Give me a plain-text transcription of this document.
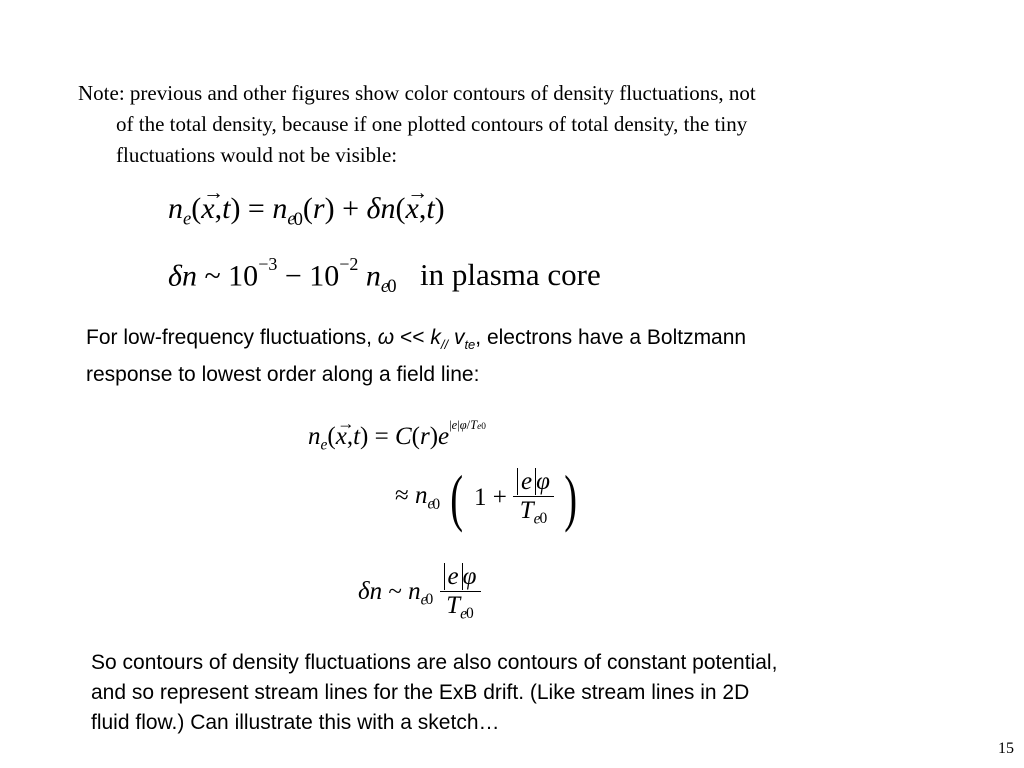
Note: previous and other figures show color contours of density fluctuations, not
of the total density, because if one plotted contours of total density, the tiny
fluctuations would not be visible:
$n_e(\to x,t) = n_{e0}(r) + \delta n(\to x,t)$
δn ~ $10^{-3} - 10^{-2}$ $n_{e0}$ in plasma core
For low-frequency fluctuations, $\omega << k_{//}$ $v_{te}$, electrons have a Boltzmann
response to lowest order along a field line:
$n_e(\to x,t) = C(r)e^{|e|\varphi/Te0}$
≈ $n_{e0}$ ( $1 + \frac{\text{e φ}}{T_{e0}}$ )
δn ~ $n_{e0} \frac{\text{e φ}}{T_{e0}}$
So contours of density fluctuations are also contours of constant potential,
and so represent stream lines for the ExB drift. (Like stream lines in 2D
fluid flow.) Can illustrate this with a sketch…
15
